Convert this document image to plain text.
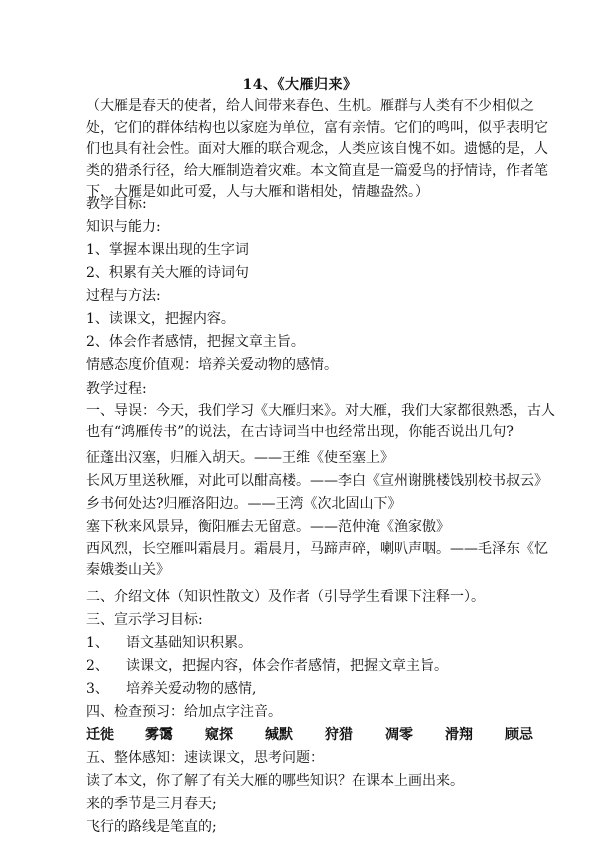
14、《大雁归来》

（大雁是春天的使者，给人间带来春色、生机。雁群与人类有不少相似之处，它们的群体结构也以家庭为单位，富有亲情。它们的鸣叫，似乎表明它们也具有社会性。面对大雁的联合观念，人类应该自愧不如。遗憾的是，人类的猎杀行径，给大雁制造着灾难。本文简直是一篇爱鸟的抒情诗，作者笔下，大雁是如此可爱，人与大雁和谐相处，情趣盎然。）

教学目标:
知识与能力:
1、掌握本课出现的生字词
2、积累有关大雁的诗词句
过程与方法:
1、读课文，把握内容。
2、体会作者感情，把握文章主旨。
情感态度价值观：培养关爱动物的感情。
教学过程:

一、导误：今天，我们学习《大雁归来》。对大雁，我们大家都很熟悉，古人也有“鸿雁传书”的说法，在古诗词当中也经常出现，你能否说出几句?

征蓬出汉塞，归雁入胡天。——王维《使至塞上》
长风万里送秋雁，对此可以酣高楼。——李白《宣州谢朓楼饯别校书叔云》
乡书何处达?归雁洛阳边。——王湾《次北固山下》
塞下秋来风景异，衡阳雁去无留意。——范仲淹《渔家傲》

西风烈，长空雁叫霜晨月。霜晨月，马蹄声碎，喇叭声咽。——毛泽东《忆秦娥娄山关》

二、介绍文体（知识性散文）及作者（引导学生看课下注释一）。
三、宣示学习目标:
1、 语文基础知识积累。
2、 读课文，把握内容，体会作者感情，把握文章主旨。
3、 培养关爱动物的感情,
四、检查预习：给加点字注音。
迁徙 雾霭 窥探 缄默 狩猎 凋零 滑翔 顾忌
五、整体感知：速读课文，思考问题：
读了本文，你了解了有关大雁的哪些知识？在课本上画出来。
来的季节是三月春天;
飞行的路线是笔直的;
